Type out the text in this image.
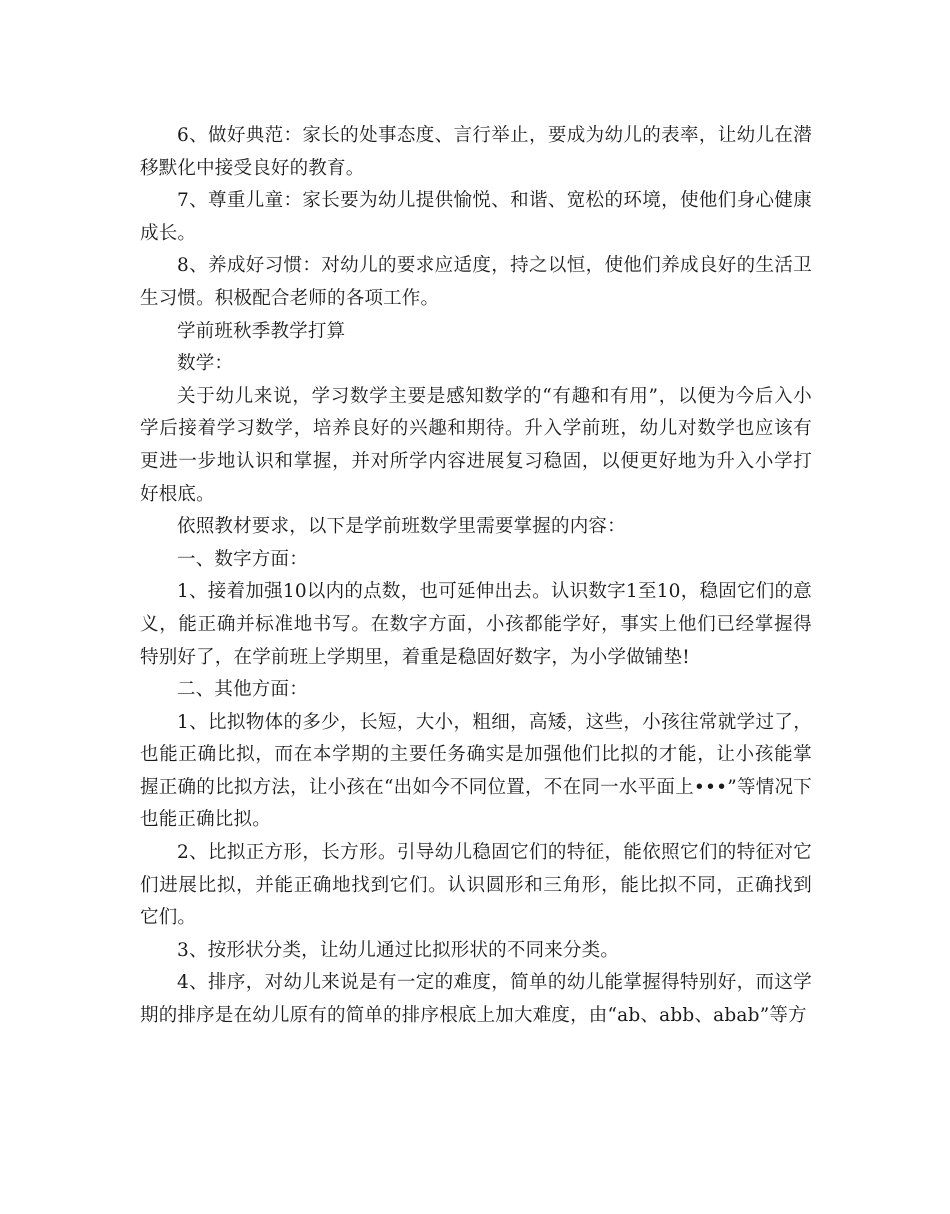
6、做好典范：家长的处事态度、言行举止，要成为幼儿的表率，让幼儿在潜移默化中接受良好的教育。

7、尊重儿童：家长要为幼儿提供愉悦、和谐、宽松的环境，使他们身心健康成长。

8、养成好习惯：对幼儿的要求应适度，持之以恒，使他们养成良好的生活卫生习惯。积极配合老师的各项工作。

学前班秋季教学打算

数学：

关于幼儿来说，学习数学主要是感知数学的“有趣和有用”，以便为今后入小学后接着学习数学，培养良好的兴趣和期待。升入学前班，幼儿对数学也应该有更进一步地认识和掌握，并对所学内容进展复习稳固，以便更好地为升入小学打好根底。

依照教材要求，以下是学前班数学里需要掌握的内容：

一、数字方面：

1、接着加强10以内的点数，也可延伸出去。认识数字1至10，稳固它们的意义，能正确并标准地书写。在数字方面，小孩都能学好，事实上他们已经掌握得特别好了，在学前班上学期里，着重是稳固好数字，为小学做铺垫!

二、其他方面：

1、比拟物体的多少，长短，大小，粗细，高矮，这些，小孩往常就学过了，也能正确比拟，而在本学期的主要任务确实是加强他们比拟的才能，让小孩能掌握正确的比拟方法，让小孩在“出如今不同位置，不在同一水平面上•••”等情况下也能正确比拟。

2、比拟正方形，长方形。引导幼儿稳固它们的特征，能依照它们的特征对它们进展比拟，并能正确地找到它们。认识圆形和三角形，能比拟不同，正确找到它们。

3、按形状分类，让幼儿通过比拟形状的不同来分类。

4、排序，对幼儿来说是有一定的难度，简单的幼儿能掌握得特别好，而这学期的排序是在幼儿原有的简单的排序根底上加大难度，由“ab、abb、abab”等方
